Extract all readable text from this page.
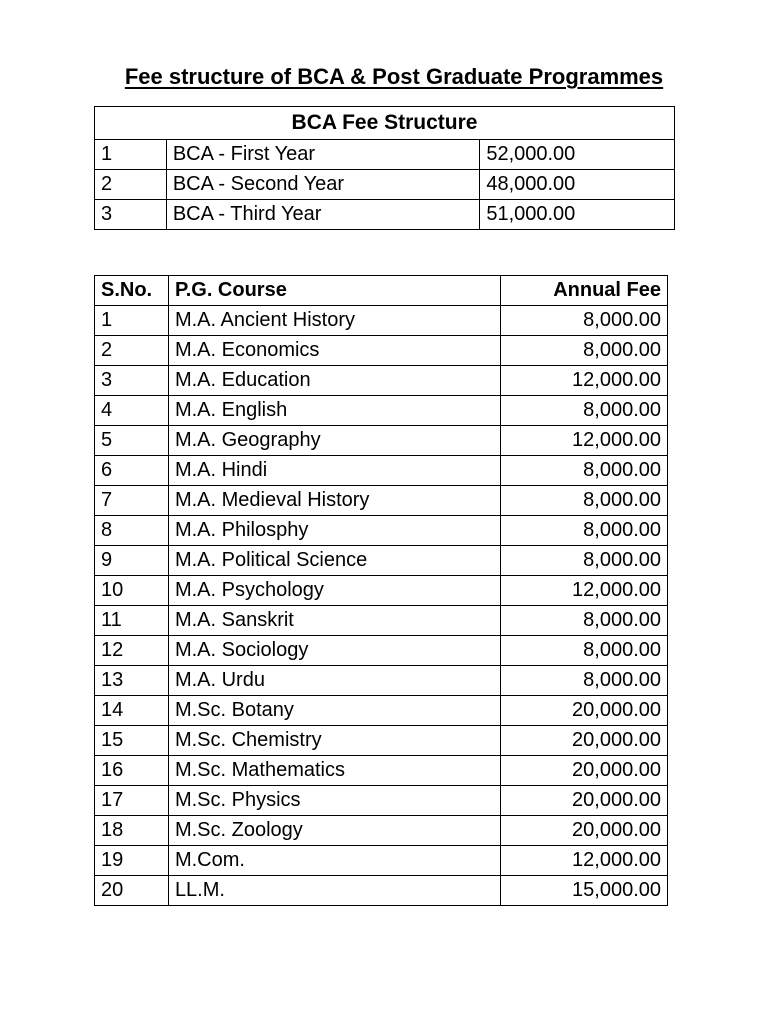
Fee structure of BCA & Post Graduate Programmes
BCA Fee Structure		
1	BCA - First Year	52,000.00
2	BCA - Second Year	48,000.00
3	BCA - Third Year	51,000.00
S.No.	P.G. Course	Annual Fee
1	M.A. Ancient History	8,000.00
2	M.A. Economics	8,000.00
3	M.A. Education	12,000.00
4	M.A. English	8,000.00
5	M.A. Geography	12,000.00
6	M.A. Hindi	8,000.00
7	M.A. Medieval History	8,000.00
8	M.A. Philosphy	8,000.00
9	M.A. Political Science	8,000.00
10	M.A. Psychology	12,000.00
11	M.A. Sanskrit	8,000.00
12	M.A. Sociology	8,000.00
13	M.A. Urdu	8,000.00
14	M.Sc. Botany	20,000.00
15	M.Sc. Chemistry	20,000.00
16	M.Sc. Mathematics	20,000.00
17	M.Sc. Physics	20,000.00
18	M.Sc. Zoology	20,000.00
19	M.Com.	12,000.00
20	LL.M.	15,000.00
